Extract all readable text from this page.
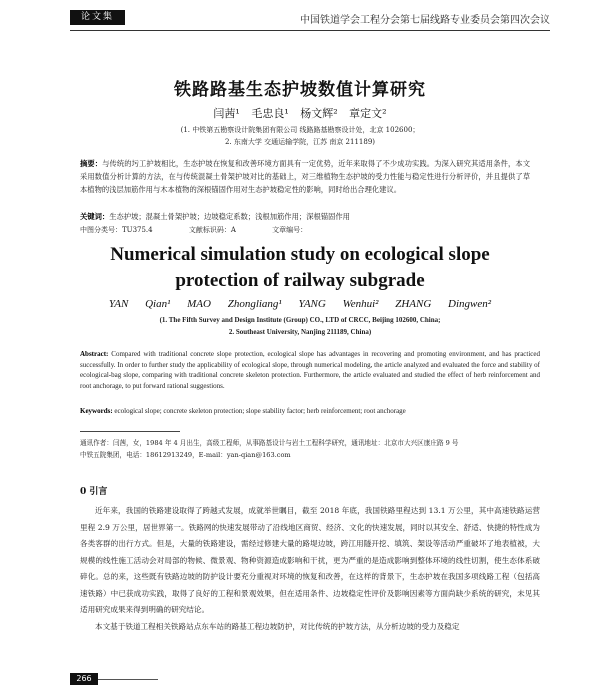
论文集	中国铁道学会工程分会第七届线路专业委员会第四次会议
铁路路基生态护坡数值计算研究
闫茜¹ 毛忠良¹ 杨文辉² 章定文²
(1. 中铁第五勘察设计院集团有限公司 线路路基勘察设计处，北京 102600；
2. 东南大学 交通运输学院，江苏 南京 211189)
摘要：与传统的圬工护坡相比，生态护坡在恢复和改善环境方面具有一定优势，近年来取得了不少成功实践。为深入研究其适用条件，本文采用数值分析计算的方法，在与传统混凝土骨架护坡对比的基础上，对三维植物生态护坡的受力性能与稳定性进行分析评价，并且提供了草本植物的浅层加筋作用与木本植物的深根锚固作用对生态护坡稳定性的影响，同时给出合理化建议。
关键词：生态护坡；混凝土骨架护坡；边坡稳定系数；浅根加筋作用；深根锚固作用
中图分类号：TU375.4	文献标识码：A	文章编号：
Numerical simulation study on ecological slope
protection of railway subgrade
YAN Qian¹ MAO Zhongliang¹ YANG Wenhui² ZHANG Dingwen²
(1. The Fifth Survey and Design Institute (Group) CO., LTD of CRCC, Beijing 102600, China;
2. Southeast University, Nanjing 211189, China)
Abstract: Compared with traditional concrete slope protection, ecological slope has advantages in recovering and promoting environment, and has practiced successfully. In order to further study the applicability of ecological slope, through numerical modeling, the article analyzed and evaluated the force and stability of ecological-bag slope, comparing with traditional concrete skeleton protection. Furthermore, the article evaluated and studied the effect of herb reinforcement and root anchorage, to put forward rational suggestions.
Keywords: ecological slope; concrete skeleton protection; slope stability factor; herb reinforcement; root anchorage
通讯作者：闫茜，女，1984 年 4 月出生，高级工程师，从事路基设计与岩土工程科学研究，通讯地址：北京市大兴区康庄路 9 号
中铁五院集团，电话：18612913249，E-mail：yan-qian@163.com
0 引言
近年来，我国的铁路建设取得了跨越式发展，成就举世瞩目，截至 2018 年底，我国铁路里程达到 13.1 万公里，其中高速铁路运营里程 2.9 万公里，居世界第一。铁路网的快速发展带动了沿线地区商贸、经济、文化的快速发展，同时以其安全、舒适、快捷的特性成为各类客群的出行方式。但是，大量的铁路建设，需经过修建大量的路堤边坡，跨江用隧开挖、填筑、架设等活动严重破坏了地表植被，大规模的线性施工活动会对局部的物候、微景观、物种资源造成影响和干扰，更为严重的是造成影响到整体环境的线性切割，使生态体系破碎化。总的来，这些既有铁路边坡的防护设计要充分重视对环境的恢复和改善，在这样的背景下，生态护坡在我国多项线路工程（包括高速铁路）中已获成功实践，取得了良好的工程和景观效果，但在适用条件、边坡稳定性评价及影响因素等方面尚缺少系统的研究，未见其适用研究成果来得到明确的研究结论。
本文基于铁道工程相关铁路站点东车站的路基工程边坡防护，对比传统的护坡方法，从分析边坡的受力及稳定
266
